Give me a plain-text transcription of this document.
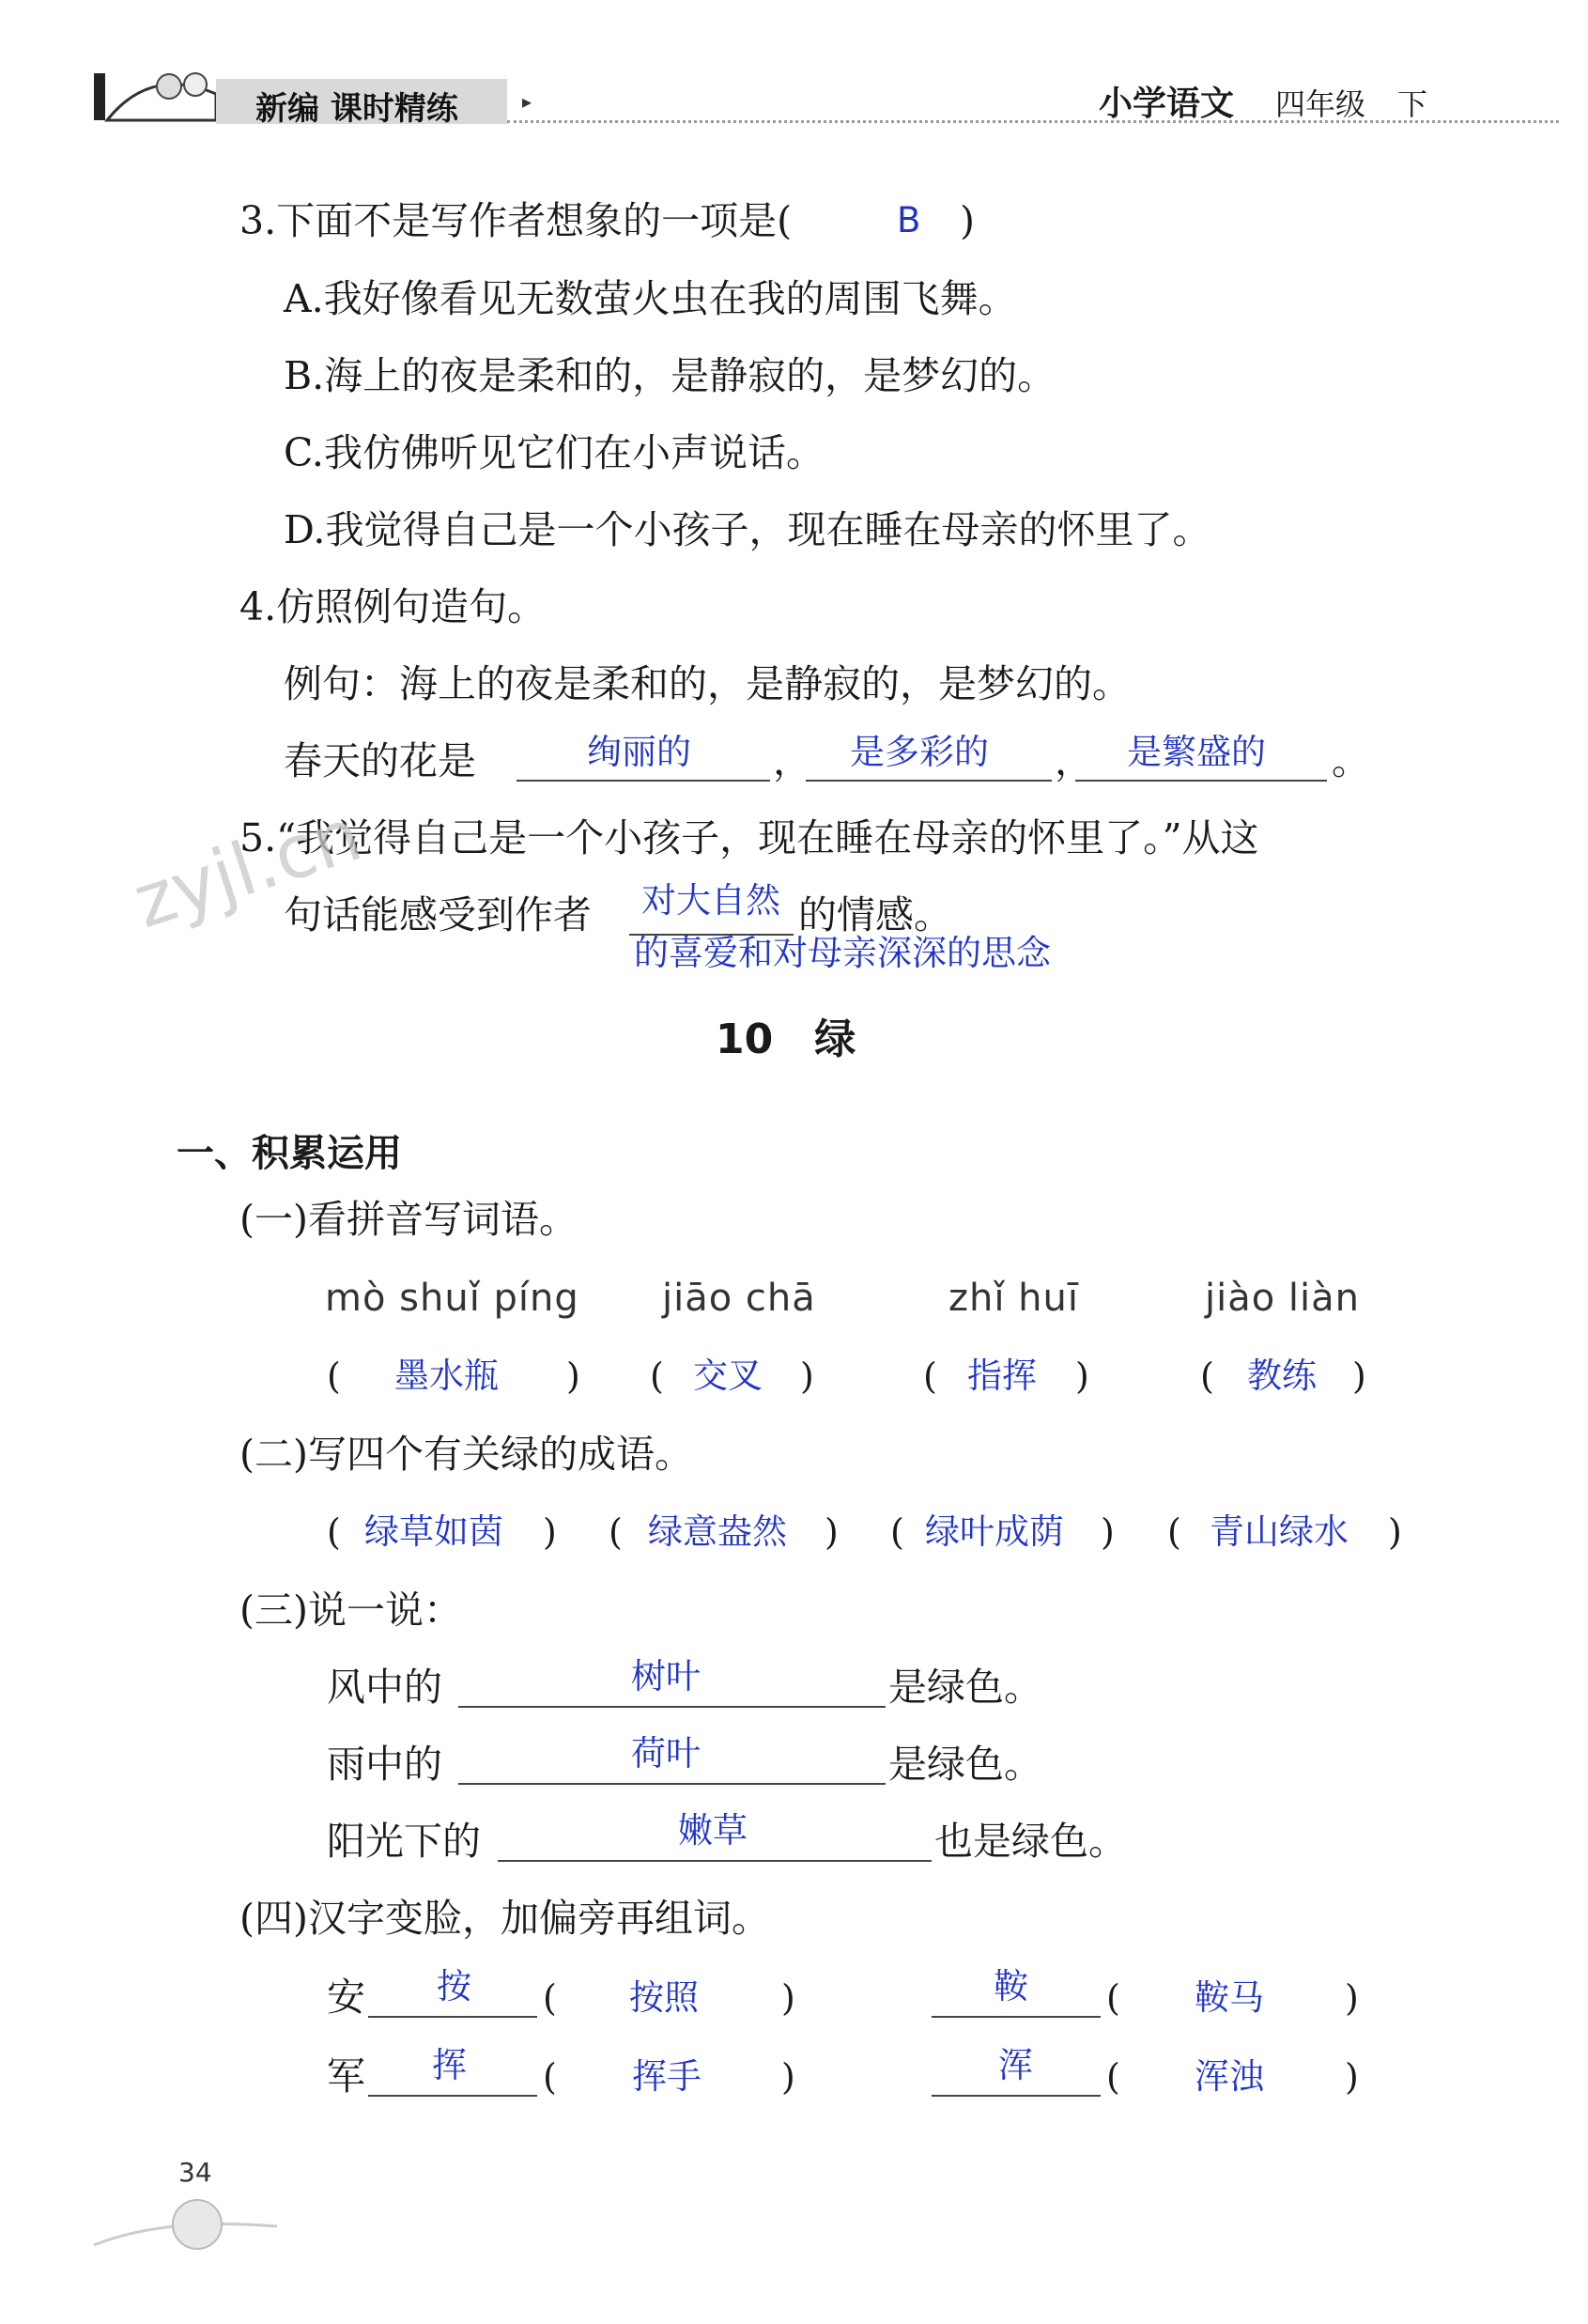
新编 课时精练	▸	小学语文 四年级 下
3.下面不是写作者想象的一项是(	B )
A.我好像看见无数萤火虫在我的周围飞舞。
B.海上的夜是柔和的，是静寂的，是梦幻的。
C.我仿佛听见它们在小声说话。
D.我觉得自己是一个小孩子，现在睡在母亲的怀里了。
4.仿照例句造句。
例句：海上的夜是柔和的，是静寂的，是梦幻的。
春天的花是	绚丽的 ， 是多彩的 ， 是繁盛的 。
5.“我觉得自己是一个小孩子，现在睡在母亲的怀里了。”从这
句话能感受到作者 对大自然 的情感。
的喜爱和对母亲深深的思念
zyjl.cn
10　绿
一、积累运用
(一)看拼音写词语。
mò shuǐ píng jiāo chā	zhǐ huī	jiào liàn
( 墨水瓶 ) ( 交叉 )	( 指挥 )	( 教练 )
(二)写四个有关绿的成语。
( 绿草如茵 ) ( 绿意盎然 ) ( 绿叶成荫 ) ( 青山绿水 )
(三)说一说：
风中的	树叶	是绿色。
雨中的	荷叶	是绿色。
阳光下的	嫩草	也是绿色。
(四)汉字变脸，加偏旁再组词。
安 按 ( 按照 )	鞍 ( 鞍马 )
军 挥 ( 挥手 )	浑 ( 浑浊 )
34
